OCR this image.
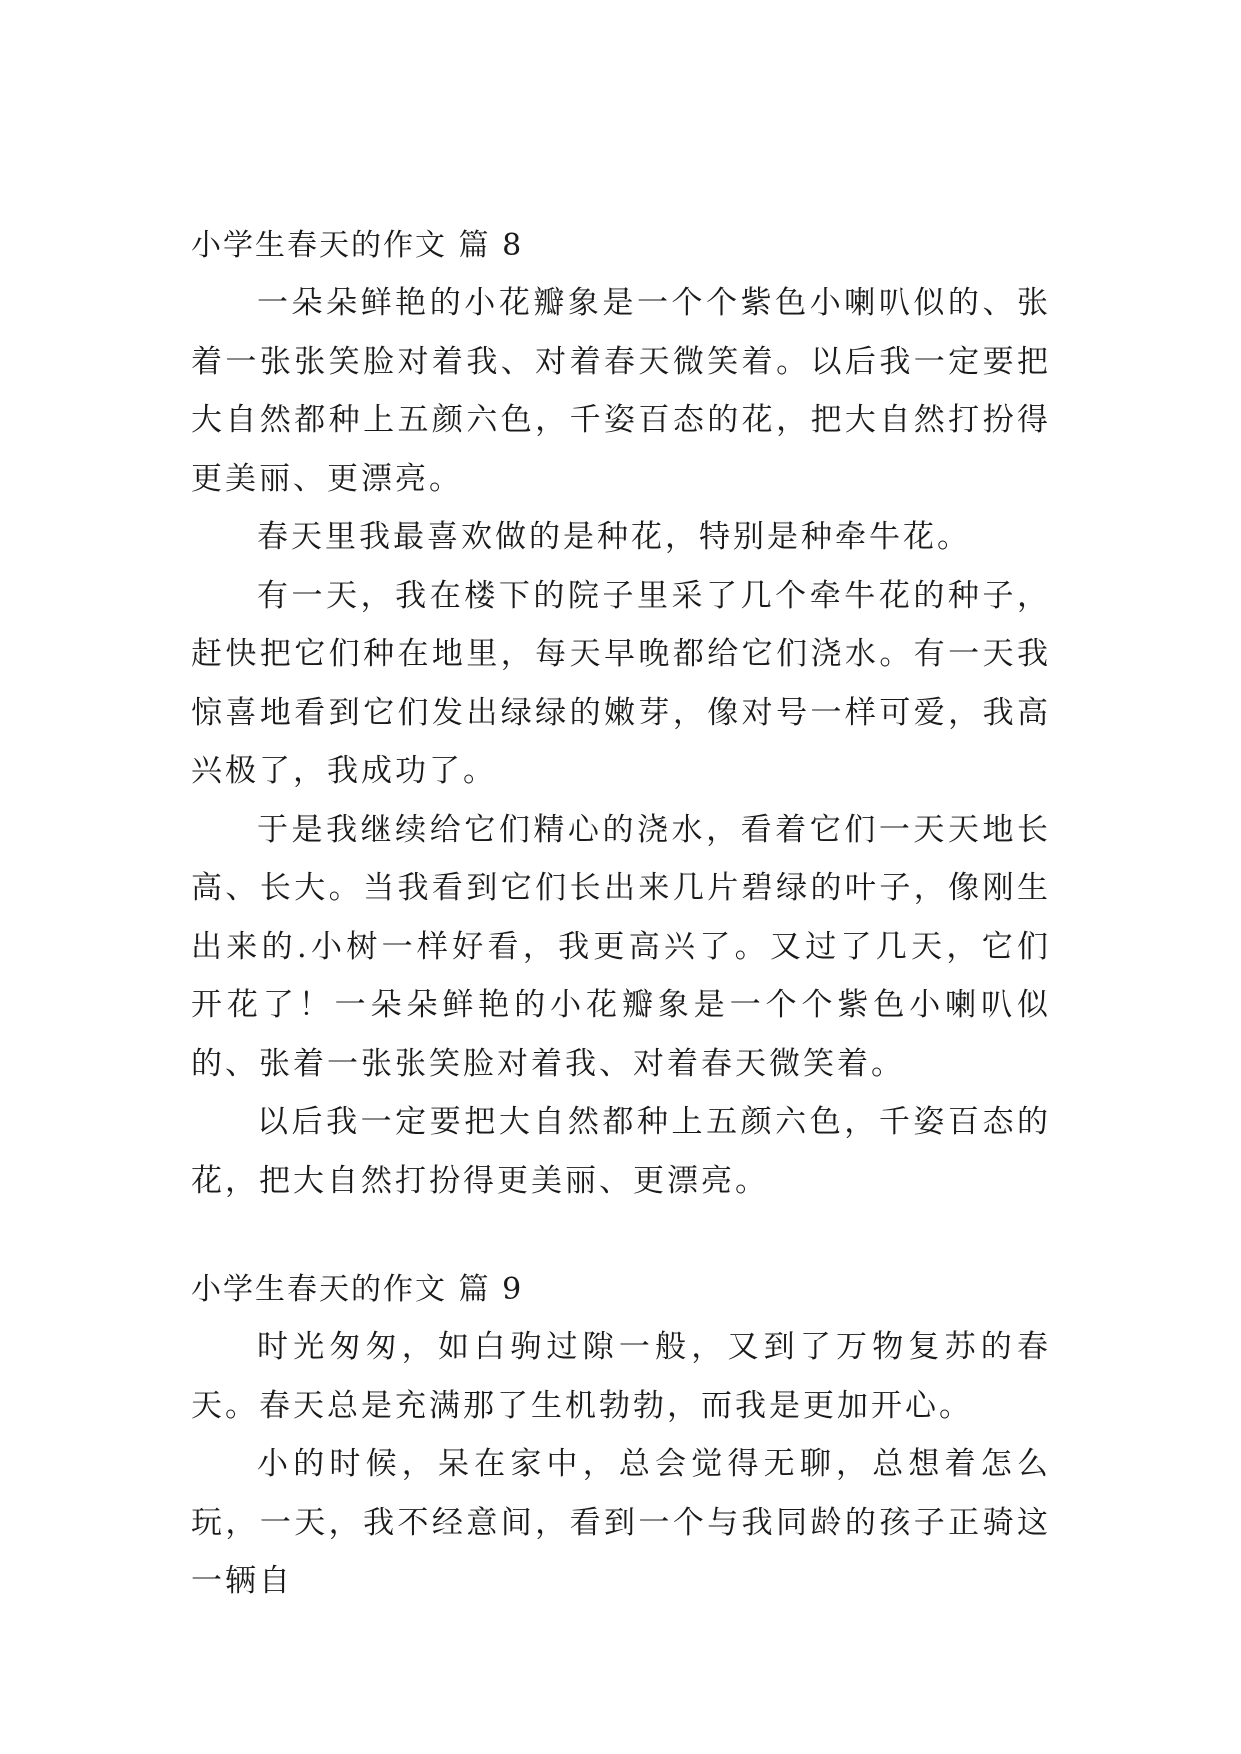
小学生春天的作文 篇 8

一朵朵鲜艳的小花瓣象是一个个紫色小喇叭似的、张着一张张笑脸对着我、对着春天微笑着。以后我一定要把大自然都种上五颜六色，千姿百态的花，把大自然打扮得更美丽、更漂亮。

春天里我最喜欢做的是种花，特别是种牵牛花。

有一天，我在楼下的院子里采了几个牵牛花的种子，赶快把它们种在地里，每天早晚都给它们浇水。有一天我惊喜地看到它们发出绿绿的嫩芽，像对号一样可爱，我高兴极了，我成功了。

于是我继续给它们精心的浇水，看着它们一天天地长高、长大。当我看到它们长出来几片碧绿的叶子，像刚生出来的.小树一样好看，我更高兴了。又过了几天，它们开花了！一朵朵鲜艳的小花瓣象是一个个紫色小喇叭似的、张着一张张笑脸对着我、对着春天微笑着。

以后我一定要把大自然都种上五颜六色，千姿百态的花，把大自然打扮得更美丽、更漂亮。

小学生春天的作文 篇 9

时光匆匆，如白驹过隙一般，又到了万物复苏的春天。春天总是充满那了生机勃勃，而我是更加开心。

小的时候，呆在家中，总会觉得无聊，总想着怎么玩，一天，我不经意间，看到一个与我同龄的孩子正骑这一辆自
